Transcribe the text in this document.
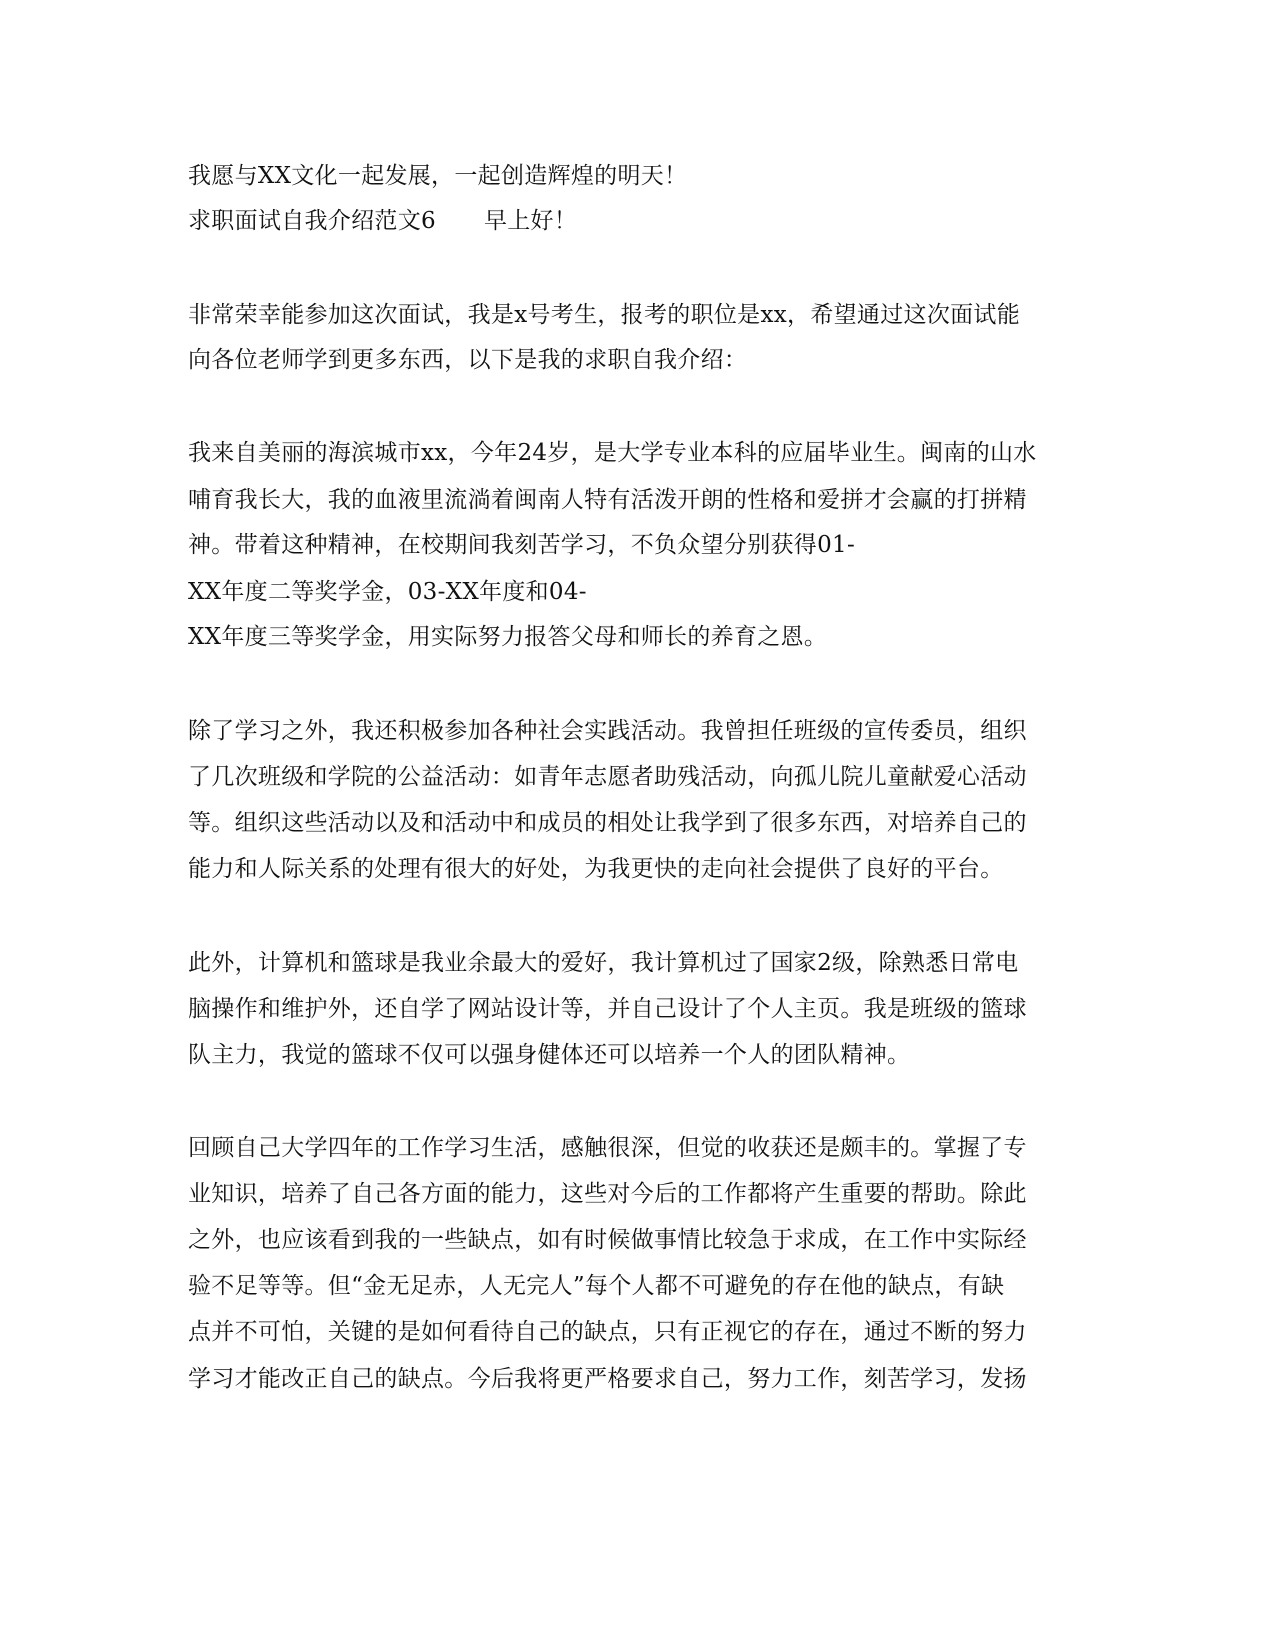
我愿与XX文化一起发展，一起创造辉煌的明天！
求职面试自我介绍范文6 早上好！
非常荣幸能参加这次面试，我是x号考生，报考的职位是xx，希望通过这次面试能
向各位老师学到更多东西，以下是我的求职自我介绍：
我来自美丽的海滨城市xx，今年24岁，是大学专业本科的应届毕业生。闽南的山水
哺育我长大，我的血液里流淌着闽南人特有活泼开朗的性格和爱拼才会赢的打拼精
神。带着这种精神，在校期间我刻苦学习，不负众望分别获得01-
XX年度二等奖学金，03-XX年度和04-
XX年度三等奖学金，用实际努力报答父母和师长的养育之恩。
除了学习之外，我还积极参加各种社会实践活动。我曾担任班级的宣传委员，组织
了几次班级和学院的公益活动：如青年志愿者助残活动，向孤儿院儿童献爱心活动
等。组织这些活动以及和活动中和成员的相处让我学到了很多东西，对培养自己的
能力和人际关系的处理有很大的好处，为我更快的走向社会提供了良好的平台。
此外，计算机和篮球是我业余最大的爱好，我计算机过了国家2级，除熟悉日常电
脑操作和维护外，还自学了网站设计等，并自己设计了个人主页。我是班级的篮球
队主力，我觉的篮球不仅可以强身健体还可以培养一个人的团队精神。
回顾自己大学四年的工作学习生活，感触很深，但觉的收获还是颇丰的。掌握了专
业知识，培养了自己各方面的能力，这些对今后的工作都将产生重要的帮助。除此
之外，也应该看到我的一些缺点，如有时候做事情比较急于求成，在工作中实际经
验不足等等。但“金无足赤，人无完人”每个人都不可避免的存在他的缺点，有缺
点并不可怕，关键的是如何看待自己的缺点，只有正视它的存在，通过不断的努力
学习才能改正自己的缺点。今后我将更严格要求自己，努力工作，刻苦学习，发扬
